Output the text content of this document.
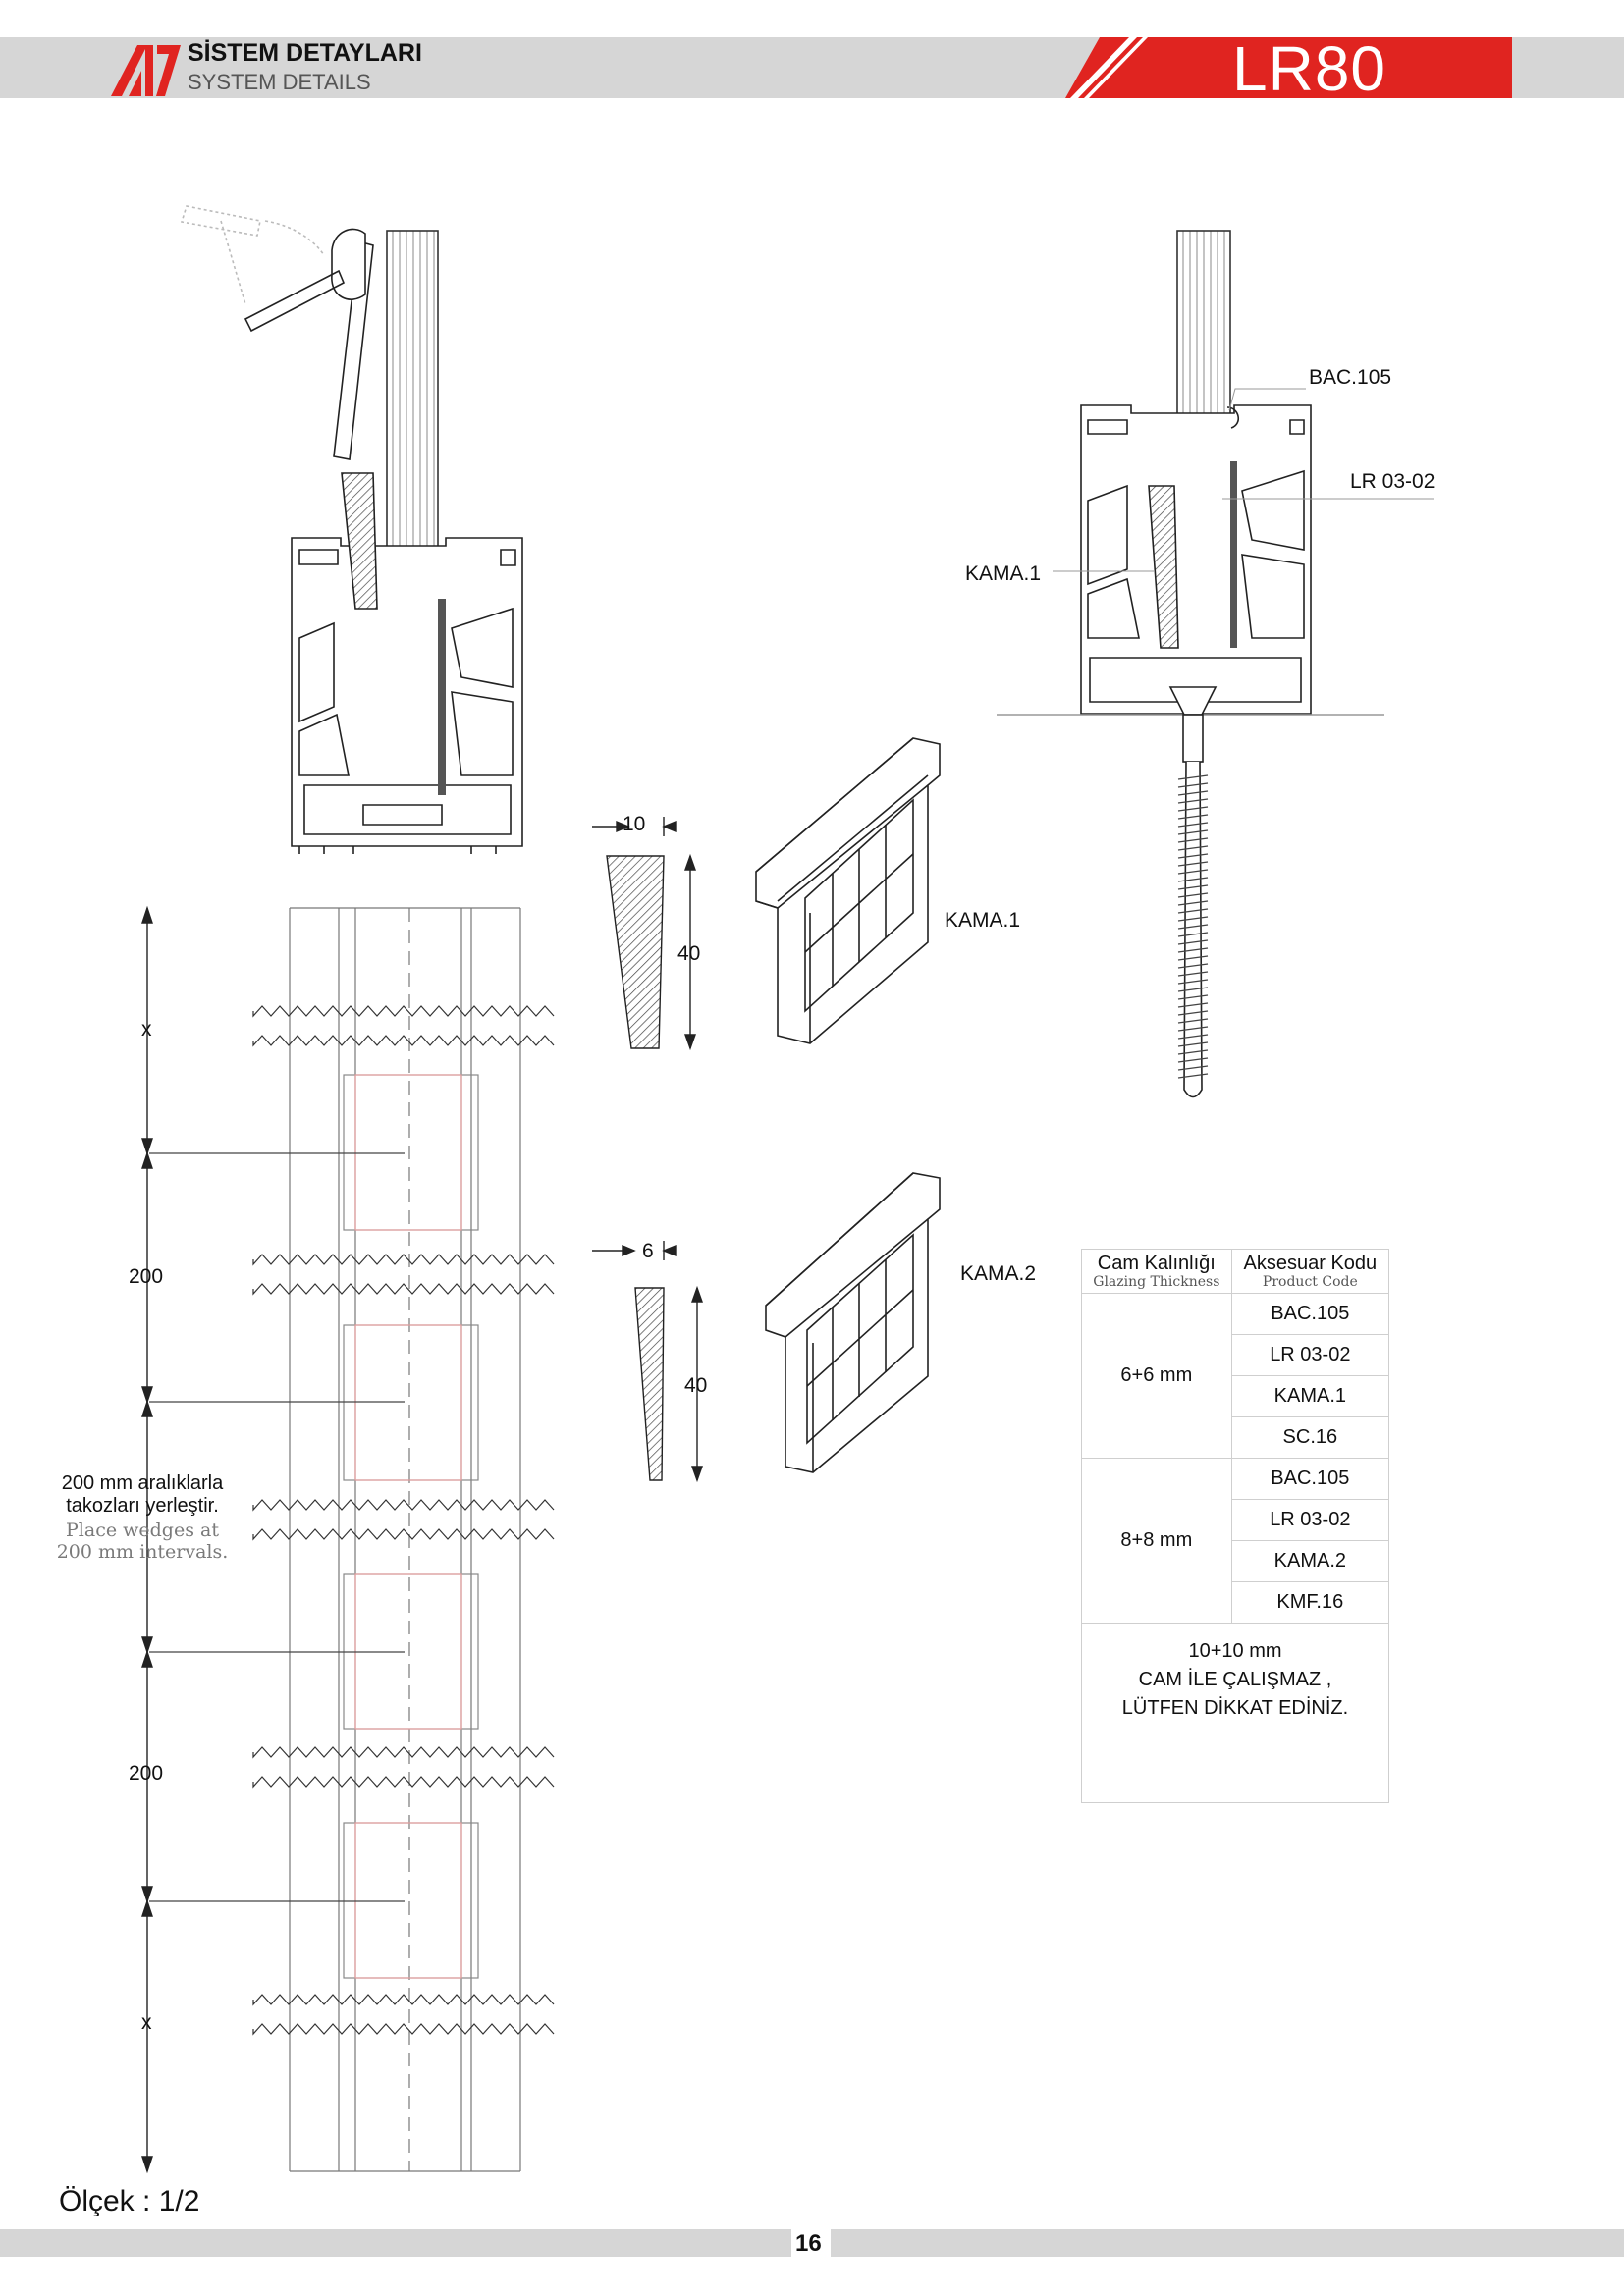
SİSTEM DETAYLARI
SYSTEM DETAILS	LR80
BAC.105
LR 03-02
KAMA.1
KAMA.1
KAMA.2
10
40
6
40
x
200
200
x
200 mm aralıklarla
takozları yerleştir.
Place wedges at
200 mm intervals.
Cam Kalınlığı
Glazing Thickness	Aksesuar Kodu
Product Code

6+6 mm	BAC.105
	LR 03-02
	KAMA.1
	SC.16
8+8 mm	BAC.105
	LR 03-02
	KAMA.2
	KMF.16

10+10 mm
CAM İLE ÇALIŞMAZ ,
LÜTFEN DİKKAT EDİNİZ.	
Ölçek : 1/2
16
